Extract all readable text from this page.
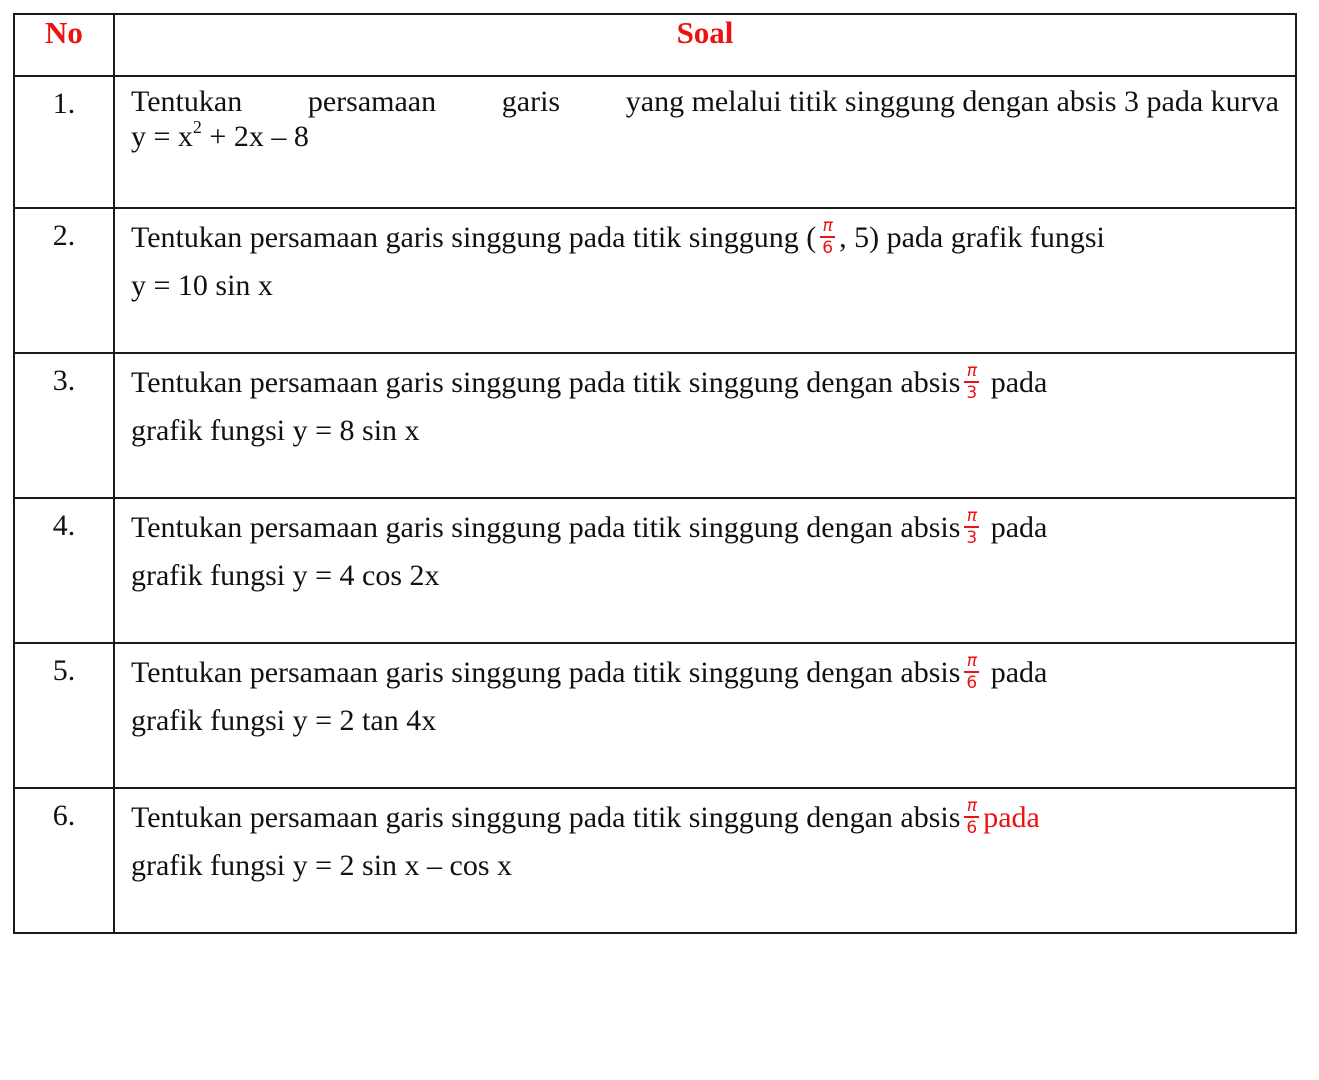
No	Soal
1.	Tentukan persamaan garis yang melalui titik singgung dengan absis 3 pada kurva
$y = x^2 + 2x - 8$

2.	Tentukan persamaan garis singgung pada titik singgung ( $\frac{\pi}{6}$ , 5) pada grafik fungsi
y = 10 sin x

3.	Tentukan persamaan garis singgung pada titik singgung dengan absis $\frac{\pi}{3}$ pada
grafik fungsi y = 8 sin x

4.	Tentukan persamaan garis singgung pada titik singgung dengan absis $\frac{\pi}{3}$ pada
grafik fungsi y = 4 cos 2x

5.	Tentukan persamaan garis singgung pada titik singgung dengan absis $\frac{\pi}{6}$ pada
grafik fungsi y = 2 tan 4x

6.	Tentukan persamaan garis singgung pada titik singgung dengan absis $\frac{\pi}{6}$ pada
grafik fungsi y = 2 sin x – cos x
